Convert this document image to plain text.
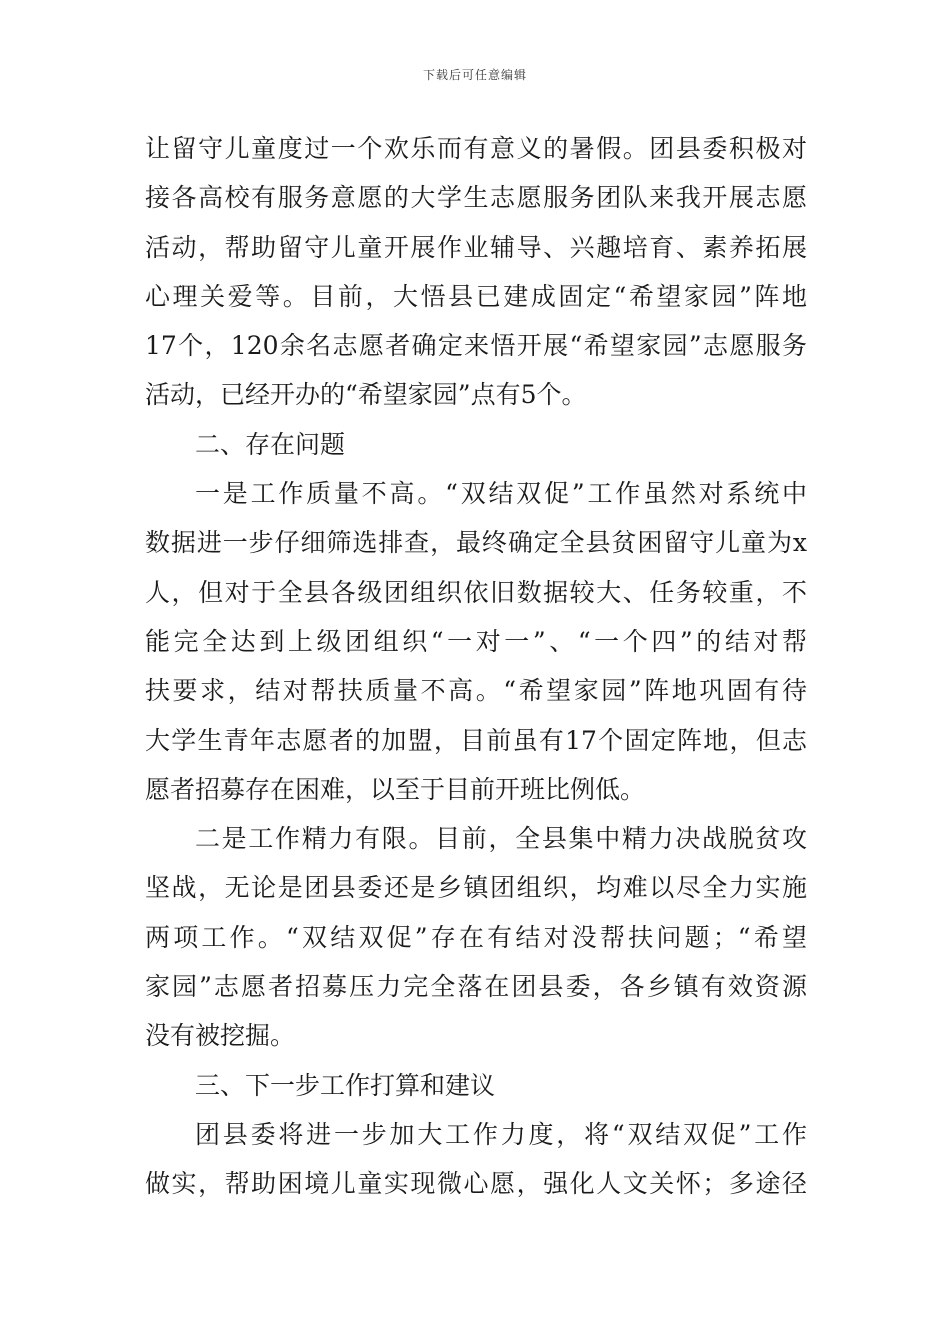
下载后可任意编辑
让留守儿童度过一个欢乐而有意义的暑假。团县委积极对
接各高校有服务意愿的大学生志愿服务团队来我开展志愿
活动，帮助留守儿童开展作业辅导、兴趣培育、素养拓展
心理关爱等。目前，大悟县已建成固定“希望家园”阵地
17个，120余名志愿者确定来悟开展“希望家园”志愿服务
活动，已经开办的“希望家园”点有5个。
二、存在问题
一是工作质量不高。“双结双促”工作虽然对系统中
数据进一步仔细筛选排查，最终确定全县贫困留守儿童为x
人，但对于全县各级团组织依旧数据较大、任务较重，不
能完全达到上级团组织“一对一”、“一个四”的结对帮
扶要求，结对帮扶质量不高。“希望家园”阵地巩固有待
大学生青年志愿者的加盟，目前虽有17个固定阵地，但志
愿者招募存在困难，以至于目前开班比例低。
二是工作精力有限。目前，全县集中精力决战脱贫攻
坚战，无论是团县委还是乡镇团组织，均难以尽全力实施
两项工作。“双结双促”存在有结对没帮扶问题；“希望
家园”志愿者招募压力完全落在团县委，各乡镇有效资源
没有被挖掘。
三、下一步工作打算和建议
团县委将进一步加大工作力度，将“双结双促”工作
做实，帮助困境儿童实现微心愿，强化人文关怀；多途径
